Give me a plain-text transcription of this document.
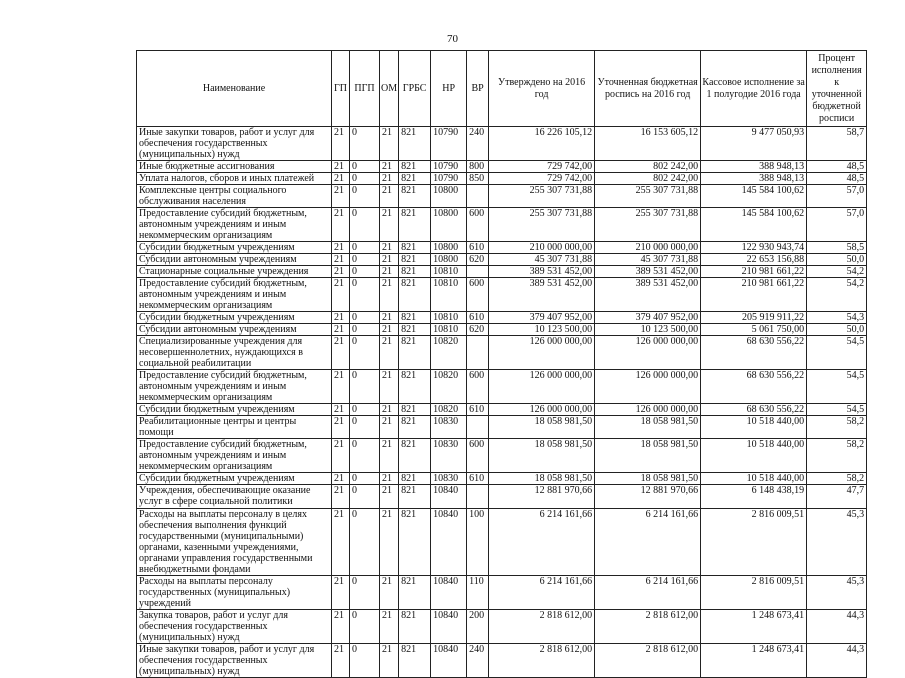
70
Наименование	ГП	ПГП	ОМ	ГРБС	НР	ВР	Утверждено на 2016 год	Уточненная бюджетная роспись на 2016 год	Кассовое исполнение за 1 полугодие 2016 года	Процент исполнения к уточненной бюджетной росписи
Иные закупки товаров, работ и услуг для обеспечения государственных (муниципальных) нужд	21	0	21	821	10790	240	16 226 105,12	16 153 605,12	9 477 050,93	58,7
Иные бюджетные ассигнования	21	0	21	821	10790	800	729 742,00	802 242,00	388 948,13	48,5
Уплата налогов, сборов и иных платежей	21	0	21	821	10790	850	729 742,00	802 242,00	388 948,13	48,5
Комплексные центры социального обслуживания населения	21	0	21	821	10800		255 307 731,88	255 307 731,88	145 584 100,62	57,0
Предоставление субсидий бюджетным, автономным учреждениям и иным некоммерческим организациям	21	0	21	821	10800	600	255 307 731,88	255 307 731,88	145 584 100,62	57,0
Субсидии бюджетным учреждениям	21	0	21	821	10800	610	210 000 000,00	210 000 000,00	122 930 943,74	58,5
Субсидии автономным учреждениям	21	0	21	821	10800	620	45 307 731,88	45 307 731,88	22 653 156,88	50,0
Стационарные социальные учреждения	21	0	21	821	10810		389 531 452,00	389 531 452,00	210 981 661,22	54,2
Предоставление субсидий бюджетным, автономным учреждениям и иным некоммерческим организациям	21	0	21	821	10810	600	389 531 452,00	389 531 452,00	210 981 661,22	54,2
Субсидии бюджетным учреждениям	21	0	21	821	10810	610	379 407 952,00	379 407 952,00	205 919 911,22	54,3
Субсидии автономным учреждениям	21	0	21	821	10810	620	10 123 500,00	10 123 500,00	5 061 750,00	50,0
Специализированные учреждения для несовершеннолетних, нуждающихся в социальной реабилитации	21	0	21	821	10820		126 000 000,00	126 000 000,00	68 630 556,22	54,5
Предоставление субсидий бюджетным, автономным учреждениям и иным некоммерческим организациям	21	0	21	821	10820	600	126 000 000,00	126 000 000,00	68 630 556,22	54,5
Субсидии бюджетным учреждениям	21	0	21	821	10820	610	126 000 000,00	126 000 000,00	68 630 556,22	54,5
Реабилитационные центры и центры помощи	21	0	21	821	10830		18 058 981,50	18 058 981,50	10 518 440,00	58,2
Предоставление субсидий бюджетным, автономным учреждениям и иным некоммерческим организациям	21	0	21	821	10830	600	18 058 981,50	18 058 981,50	10 518 440,00	58,2
Субсидии бюджетным учреждениям	21	0	21	821	10830	610	18 058 981,50	18 058 981,50	10 518 440,00	58,2
Учреждения, обеспечивающие оказание услуг в сфере социальной политики	21	0	21	821	10840		12 881 970,66	12 881 970,66	6 148 438,19	47,7
Расходы на выплаты персоналу в целях обеспечения выполнения функций государственными (муниципальными) органами, казенными учреждениями, органами управления государственными внебюджетными фондами	21	0	21	821	10840	100	6 214 161,66	6 214 161,66	2 816 009,51	45,3
Расходы на выплаты персоналу государственных (муниципальных) учреждений	21	0	21	821	10840	110	6 214 161,66	6 214 161,66	2 816 009,51	45,3
Закупка товаров, работ и услуг для обеспечения государственных (муниципальных) нужд	21	0	21	821	10840	200	2 818 612,00	2 818 612,00	1 248 673,41	44,3
Иные закупки товаров, работ и услуг для обеспечения государственных (муниципальных) нужд	21	0	21	821	10840	240	2 818 612,00	2 818 612,00	1 248 673,41	44,3
